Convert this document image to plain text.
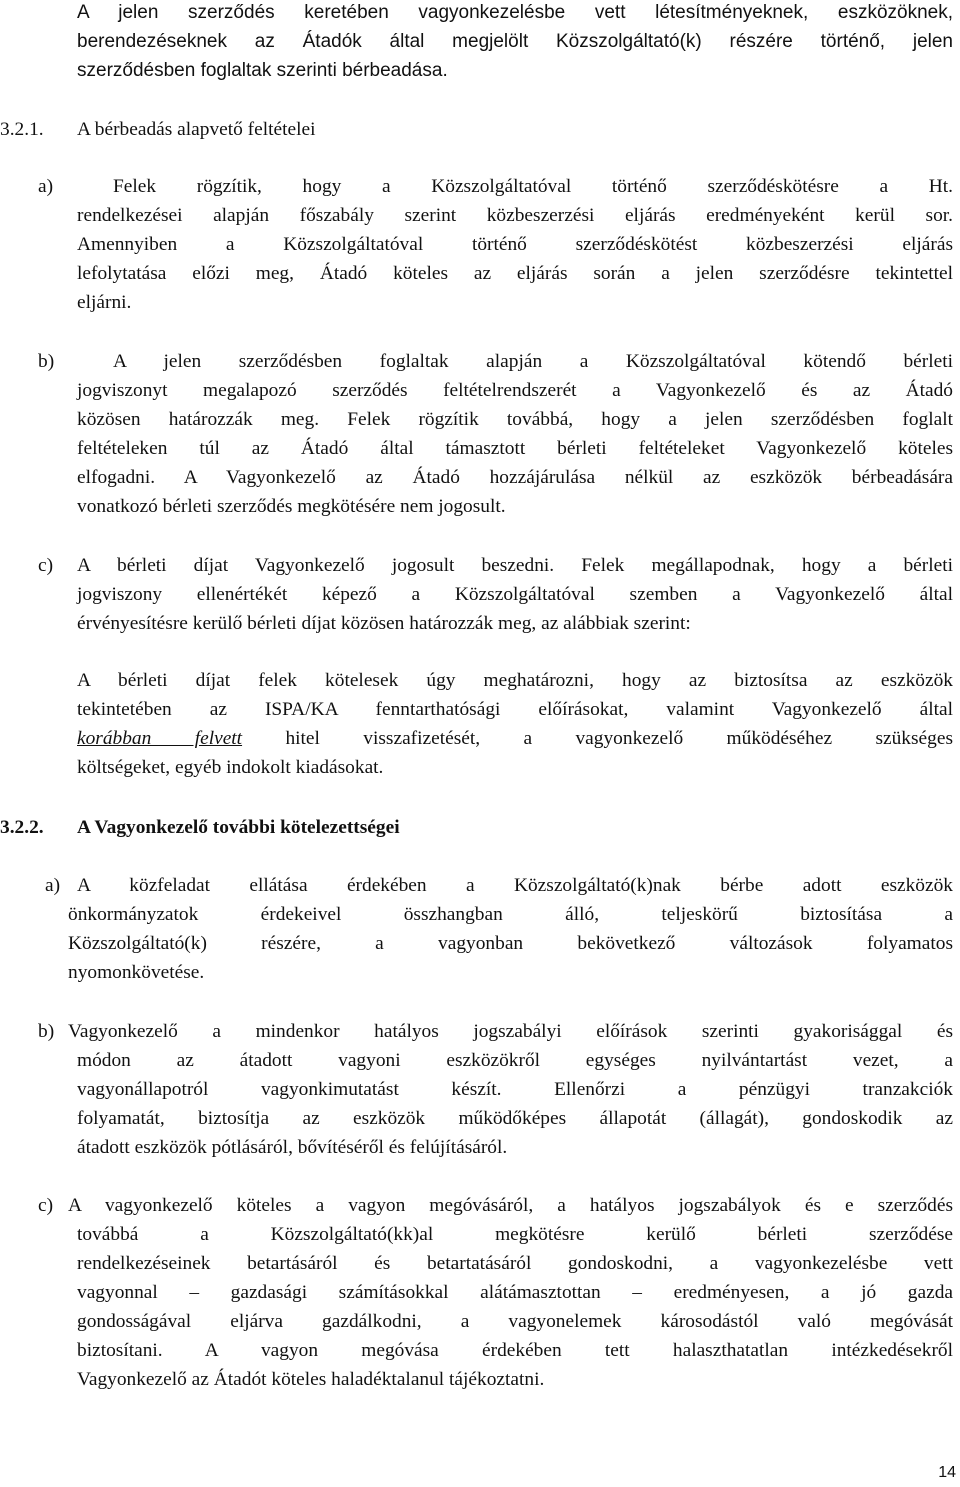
A jelen szerződés keretében vagyonkezelésbe vett létesítményeknek, eszközöknek,
berendezéseknek az Átadók által megjelölt Közszolgáltató(k) részére történő, jelen
szerződésben foglaltak szerinti bérbeadása.
3.2.1. A bérbeadás alapvető feltételei
a)	Felek rögzítik, hogy a Közszolgáltatóval történő szerződéskötésre a Ht.
rendelkezései alapján főszabály szerint közbeszerzési eljárás eredményeként kerül sor.
Amennyiben a Közszolgáltatóval történő szerződéskötést közbeszerzési eljárás
lefolytatása előzi meg, Átadó köteles az eljárás során a jelen szerződésre tekintettel
eljárni.
b)	A jelen szerződésben foglaltak alapján a Közszolgáltatóval kötendő bérleti
jogviszonyt megalapozó szerződés feltételrendszerét a Vagyonkezelő és az Átadó
közösen határozzák meg. Felek rögzítik továbbá, hogy a jelen szerződésben foglalt
feltételeken túl az Átadó által támasztott bérleti feltételeket Vagyonkezelő köteles
elfogadni. A Vagyonkezelő az Átadó hozzájárulása nélkül az eszközök bérbeadására
vonatkozó bérleti szerződés megkötésére nem jogosult.
c) A bérleti díjat Vagyonkezelő jogosult beszedni. Felek megállapodnak, hogy a bérleti
jogviszony ellenértékét képező a Közszolgáltatóval szemben a Vagyonkezelő által
érvényesítésre kerülő bérleti díjat közösen határozzák meg, az alábbiak szerint:
A bérleti díjat felek kötelesek úgy meghatározni, hogy az biztosítsa az eszközök
tekintetében az ISPA/KA fenntarthatósági előírásokat, valamint Vagyonkezelő által
korábban felvett hitel visszafizetését, a vagyonkezelő működéséhez szükséges
költségeket, egyéb indokolt kiadásokat.
3.2.2. A Vagyonkezelő további kötelezettségei
a) A közfeladat ellátása érdekében a Közszolgáltató(k)nak bérbe adott eszközök
önkormányzatok érdekeivel összhangban álló, teljeskörű biztosítása a
Közszolgáltató(k) részére, a vagyonban bekövetkező változások folyamatos
nyomonkövetése.
b) Vagyonkezelő a mindenkor hatályos jogszabályi előírások szerinti gyakorisággal és
módon az átadott vagyoni eszközökről egységes nyilvántartást vezet, a
vagyonállapotról vagyonkimutatást készít. Ellenőrzi a pénzügyi tranzakciók
folyamatát, biztosítja az eszközök működőképes állapotát (állagát), gondoskodik az
átadott eszközök pótlásáról, bővítéséről és felújításáról.
c) A vagyonkezelő köteles a vagyon megóvásáról, a hatályos jogszabályok és e szerződés
továbbá a Közszolgáltató(kk)al megkötésre kerülő bérleti szerződése
rendelkezéseinek betartásáról és betartatásáról gondoskodni, a vagyonkezelésbe vett
vagyonnal – gazdasági számításokkal alátámasztottan – eredményesen, a jó gazda
gondosságával eljárva gazdálkodni, a vagyonelemek károsodástól való megóvását
biztosítani. A vagyon megóvása érdekében tett halaszthatatlan intézkedésekről
Vagyonkezelő az Átadót köteles haladéktalanul tájékoztatni.
14
